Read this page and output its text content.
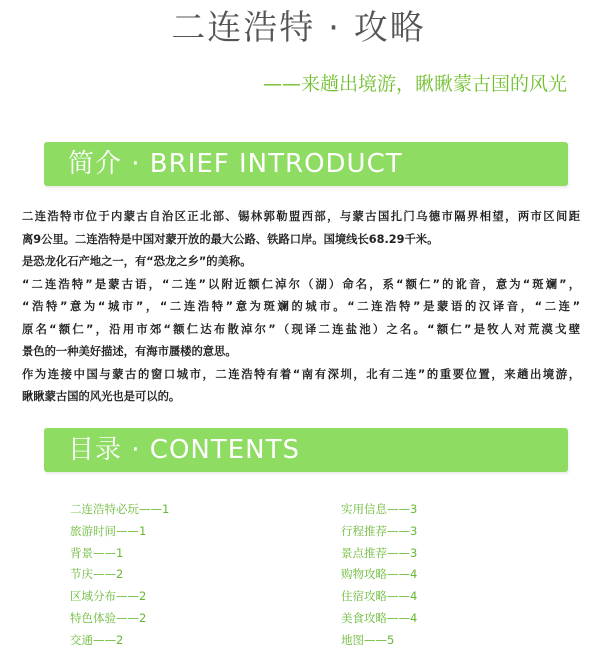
二连浩特 · 攻略
——来趟出境游，瞅瞅蒙古国的风光
简介 · BRIEF INTRODUCT

二连浩特市位于内蒙古自治区正北部、锡林郭勒盟西部，与蒙古国扎门乌德市隔界相望，两市区间距
离9公里。二连浩特是中国对蒙开放的最大公路、铁路口岸。国境线长68.29千米。

是恐龙化石产地之一，有“恐龙之乡”的美称。

“二连浩特”是蒙古语，“二连”以附近额仁淖尔（湖）命名，系“额仁”的讹音，意为“斑斓”，
“浩特”意为“城市”，“二连浩特”意为斑斓的城市。“二连浩特”是蒙语的汉译音，“二连”
原名“额仁”，沿用市郊“额仁达布散淖尔”（现译二连盐池）之名。“额仁”是牧人对荒漠戈壁
景色的一种美好描述，有海市蜃楼的意思。

作为连接中国与蒙古的窗口城市，二连浩特有着“南有深圳，北有二连”的重要位置，来趟出境游，
瞅瞅蒙古国的风光也是可以的。

目录 · CONTENTS
二连浩特必玩——1
旅游时间——1
背景——1
节庆——2
区域分布——2
特色体验——2
交通——2
实用信息——3
行程推荐——3
景点推荐——3
购物攻略——4
住宿攻略——4
美食攻略——4
地图——5
